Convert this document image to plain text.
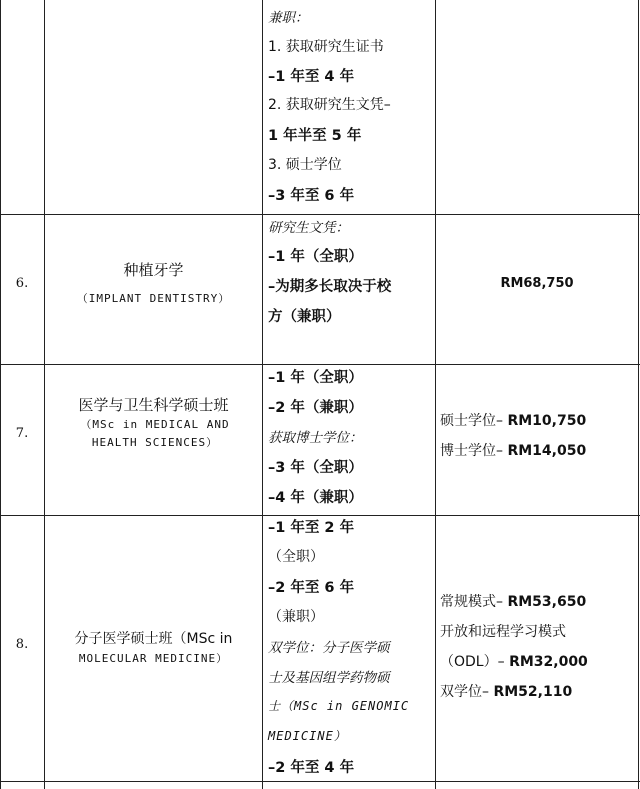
兼职：
1. 获取研究生证书
–1 年至 4 年
2. 获取研究生文凭–
1 年半至 5 年
3. 硕士学位
–3 年至 6 年
6.
种植牙学
（IMPLANT DENTISTRY）
研究生文凭：
–1 年（全职）
–为期多长取决于校
方（兼职）
RM68,750
7.
医学与卫生科学硕士班
（MSc in MEDICAL AND HEALTH SCIENCES）
–1 年（全职）
–2 年（兼职）
获取博士学位：
–3 年（全职）
–4 年（兼职）
硕士学位– RM10,750
博士学位– RM14,050
8.	分子医学硕士班（MSc in
MOLECULAR MEDICINE）
–1 年至 2 年
（全职）
–2 年至 6 年
（兼职）
双学位：分子医学硕
士及基因组学药物硕
士（MSc in GENOMIC
MEDICINE）
–2 年至 4 年
常规模式– RM53,650
开放和远程学习模式
（ODL）– RM32,000
双学位– RM52,110
